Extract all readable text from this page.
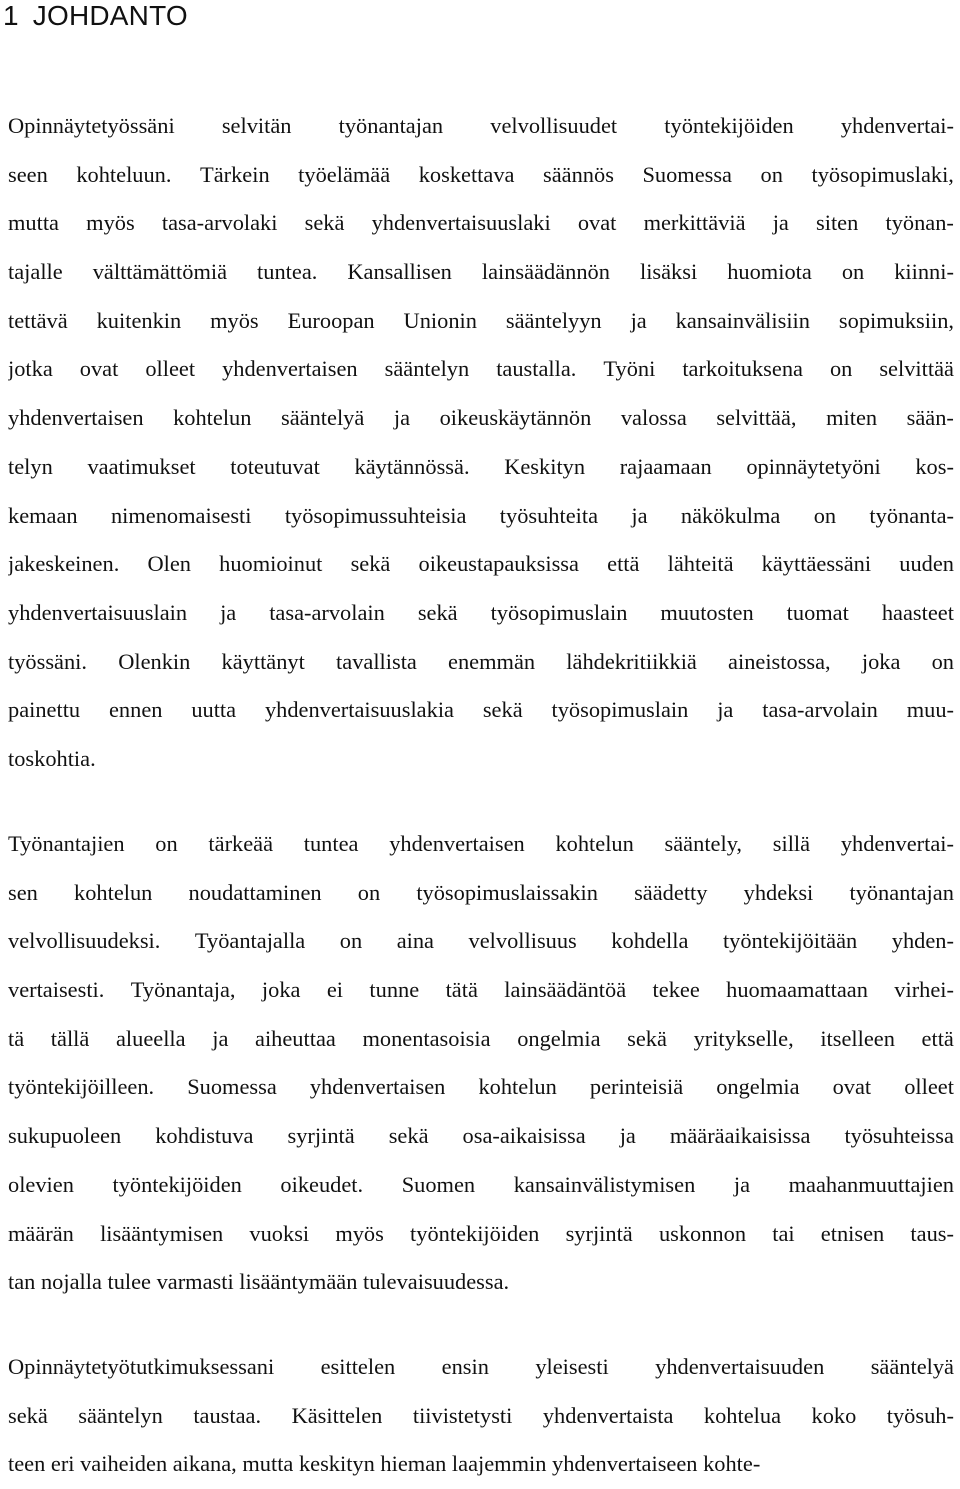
1 JOHDANTO
Opinnäytetyössäni selvitän työnantajan velvollisuudet työntekijöiden yhdenvertai-
seen kohteluun. Tärkein työelämää koskettava säännös Suomessa on työsopimuslaki,
mutta myös tasa-arvolaki sekä yhdenvertaisuuslaki ovat merkittäviä ja siten työnan-
tajalle välttämättömiä tuntea. Kansallisen lainsäädännön lisäksi huomiota on kiinni-
tettävä kuitenkin myös Euroopan Unionin sääntelyyn ja kansainvälisiin sopimuksiin,
jotka ovat olleet yhdenvertaisen sääntelyn taustalla. Työni tarkoituksena on selvittää
yhdenvertaisen kohtelun sääntelyä ja oikeuskäytännön valossa selvittää, miten sään-
telyn vaatimukset toteutuvat käytännössä. Keskityn rajaamaan opinnäytetyöni kos-
kemaan nimenomaisesti työsopimussuhteisia työsuhteita ja näkökulma on työnanta-
jakeskeinen. Olen huomioinut sekä oikeustapauksissa että lähteitä käyttäessäni uuden
yhdenvertaisuuslain ja tasa-arvolain sekä työsopimuslain muutosten tuomat haasteet
työssäni. Olenkin käyttänyt tavallista enemmän lähdekritiikkiä aineistossa, joka on
painettu ennen uutta yhdenvertaisuuslakia sekä työsopimuslain ja tasa-arvolain muu-
toskohtia.
Työnantajien on tärkeää tuntea yhdenvertaisen kohtelun sääntely, sillä yhdenvertai-
sen kohtelun noudattaminen on työsopimuslaissakin säädetty yhdeksi työnantajan
velvollisuudeksi. Työantajalla on aina velvollisuus kohdella työntekijöitään yhden-
vertaisesti. Työnantaja, joka ei tunne tätä lainsäädäntöä tekee huomaamattaan virhei-
tä tällä alueella ja aiheuttaa monentasoisia ongelmia sekä yritykselle, itselleen että
työntekijöilleen. Suomessa yhdenvertaisen kohtelun perinteisiä ongelmia ovat olleet
sukupuoleen kohdistuva syrjintä sekä osa-aikaisissa ja määräaikaisissa työsuhteissa
olevien työntekijöiden oikeudet. Suomen kansainvälistymisen ja maahanmuuttajien
määrän lisääntymisen vuoksi myös työntekijöiden syrjintä uskonnon tai etnisen taus-
tan nojalla tulee varmasti lisääntymään tulevaisuudessa.
Opinnäytetyötutkimuksessani esittelen ensin yleisesti yhdenvertaisuuden sääntelyä
sekä sääntelyn taustaa. Käsittelen tiivistetysti yhdenvertaista kohtelua koko työsuh-
teen eri vaiheiden aikana, mutta keskityn hieman laajemmin yhdenvertaiseen kohte-
